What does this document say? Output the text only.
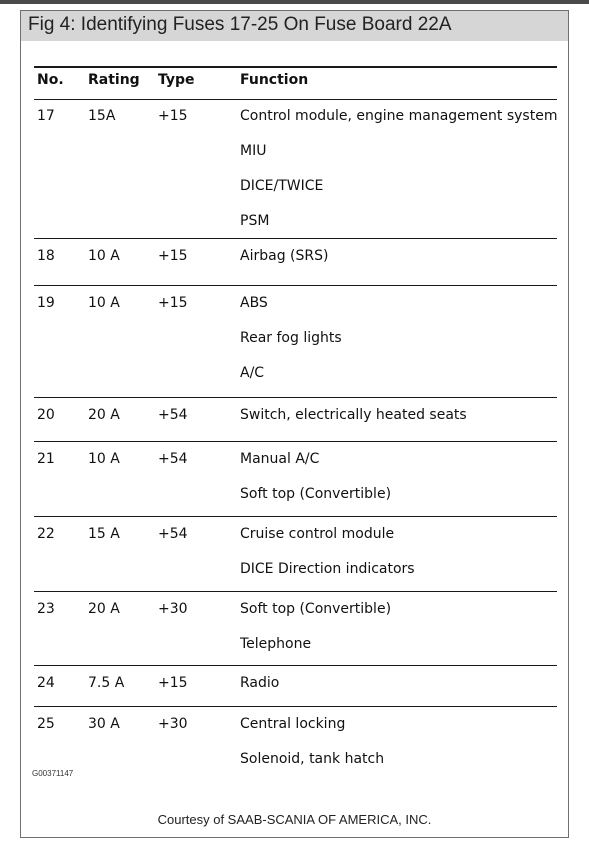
Fig 4: Identifying Fuses 17-25 On Fuse Board 22A
No. Rating Type	Function
17 15A	+15	Control module, engine management system
MIU
DICE/TWICE
PSM
18 10 A	+15	Airbag (SRS)
19 10 A	+15	ABS
Rear fog lights
A/C
20 20 A	+54	Switch, electrically heated seats
21 10 A	+54	Manual A/C
Soft top (Convertible)
22 15 A	+54	Cruise control module
DICE Direction indicators
23 20 A	+30	Soft top (Convertible)
Telephone
24 7.5 A +15	Radio
25 30 A	+30	Central locking
Solenoid, tank hatch
G00371147
Courtesy of SAAB-SCANIA OF AMERICA, INC.
